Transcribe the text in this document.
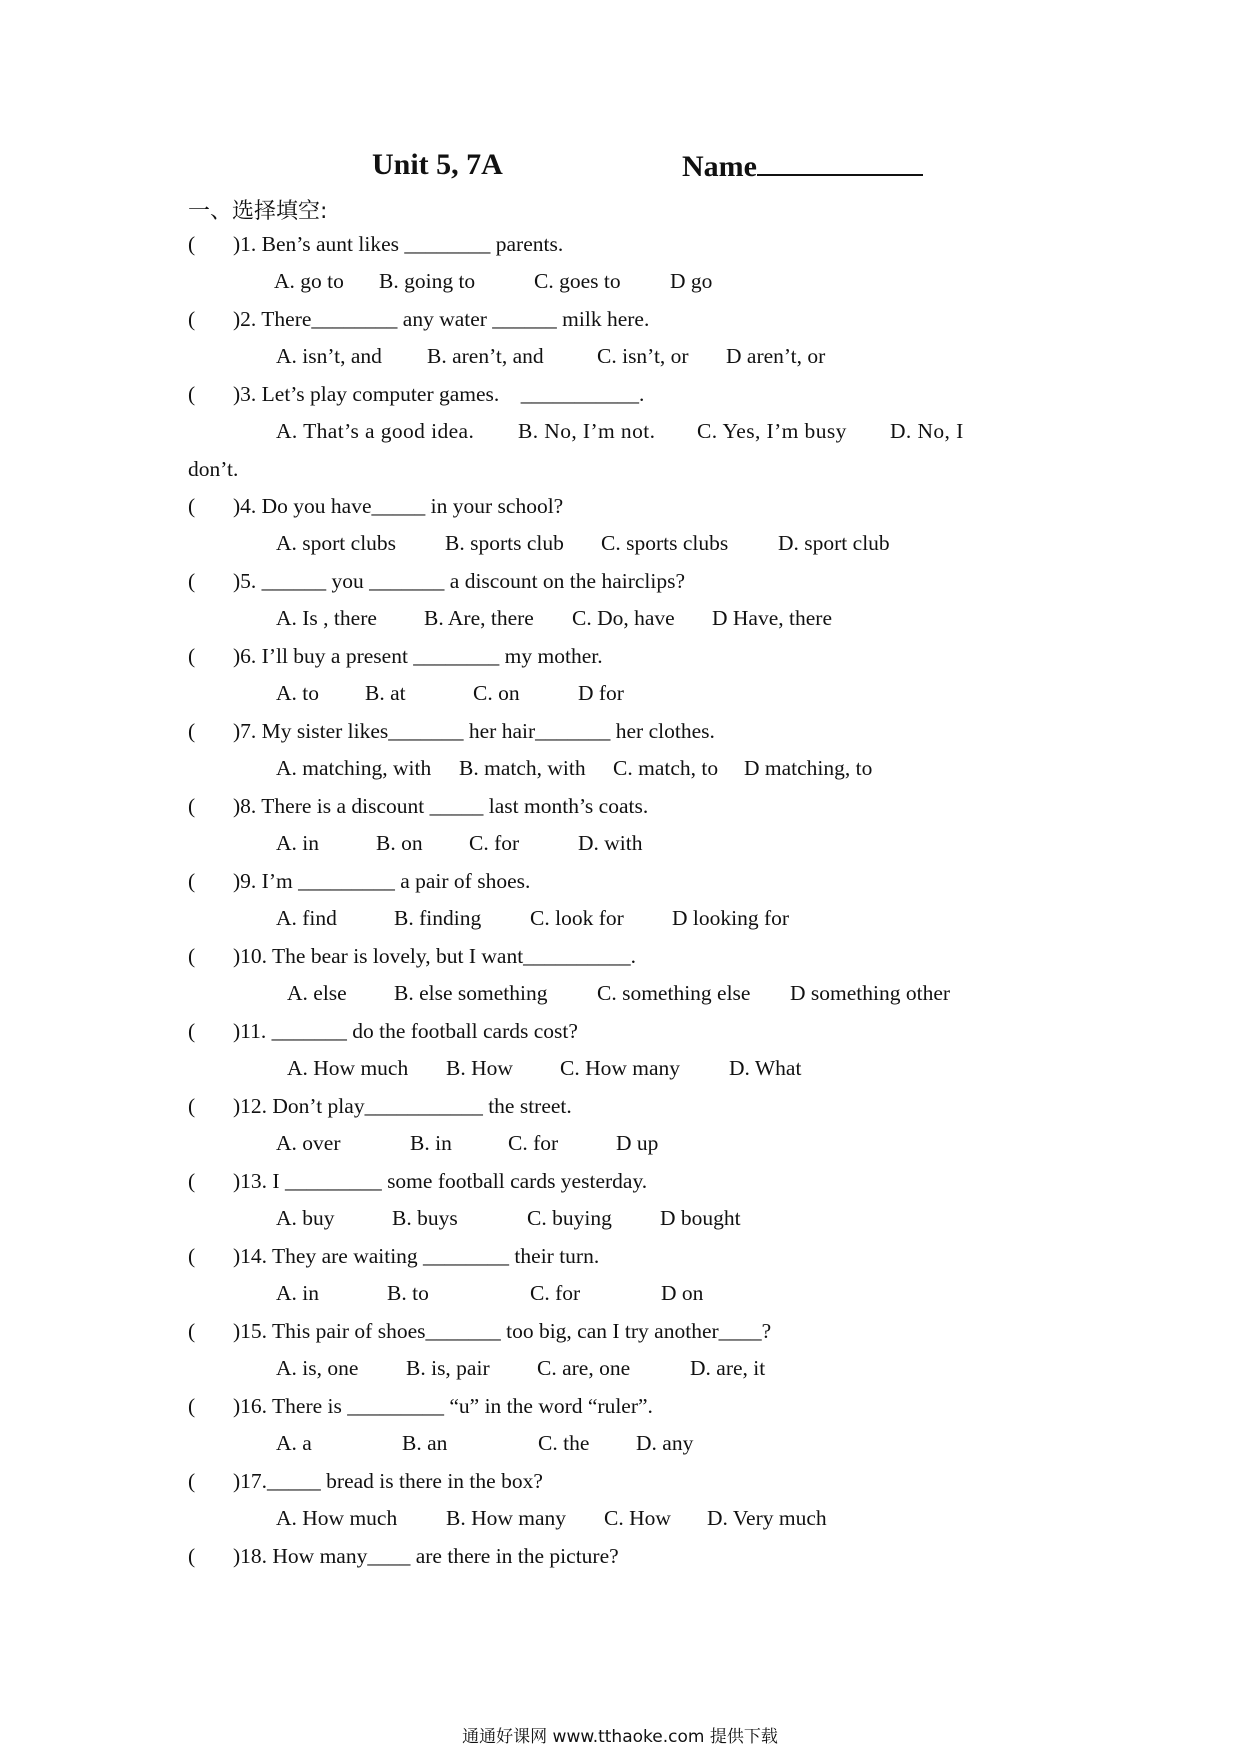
Unit 5, 7A	Name
一、选择填空:
( )1. Ben’s aunt likes ________ parents.
A. go to B. going to	C. goes to D go
( )2. There________ any water ______ milk here.
A. isn’t, and B. aren’t, and C. isn’t, or D aren’t, or
( )3. Let’s play computer games.    ___________.
A. That’s a good idea. B. No, I’m not. C. Yes, I’m busy D. No, I
don’t.
( )4. Do you have_____ in your school?
A. sport clubs B. sports club C. sports clubs D. sport club
( )5. ______ you _______ a discount on the hairclips?
A. Is , there B. Are, there C. Do, have D Have, there
( )6. I’ll buy a present ________ my mother.
A. to B. at	C. on	D for
( )7. My sister likes_______ her hair_______ her clothes.
A. matching, with B. match, with C. match, to D matching, to
( )8. There is a discount _____ last month’s coats.
A. in	B. on C. for	D. with
( )9. I’m _________ a pair of shoes.
A. find	B. finding C. look for D looking for
( )10. The bear is lovely, but I want__________.
A. else B. else something C. something else D something other
( )11. _______ do the football cards cost?
A. How much B. How C. How many D. What
( )12. Don’t play___________ the street.
A. over	B. in	C. for	D up
( )13. I _________ some football cards yesterday.
A. buy	B. buys	C. buying D bought
( )14. They are waiting ________ their turn.
A. in	B. to	C. for	D on
( )15. This pair of shoes_______ too big, can I try another____?
A. is, one B. is, pair C. are, one	D. are, it
( )16. There is _________ “u” in the word “ruler”.
A. a	B. an	C. the D. any
( )17._____ bread is there in the box?
A. How much B. How many C. How D. Very much
( )18. How many____ are there in the picture?
通通好课网 www.tthaoke.com 提供下载
